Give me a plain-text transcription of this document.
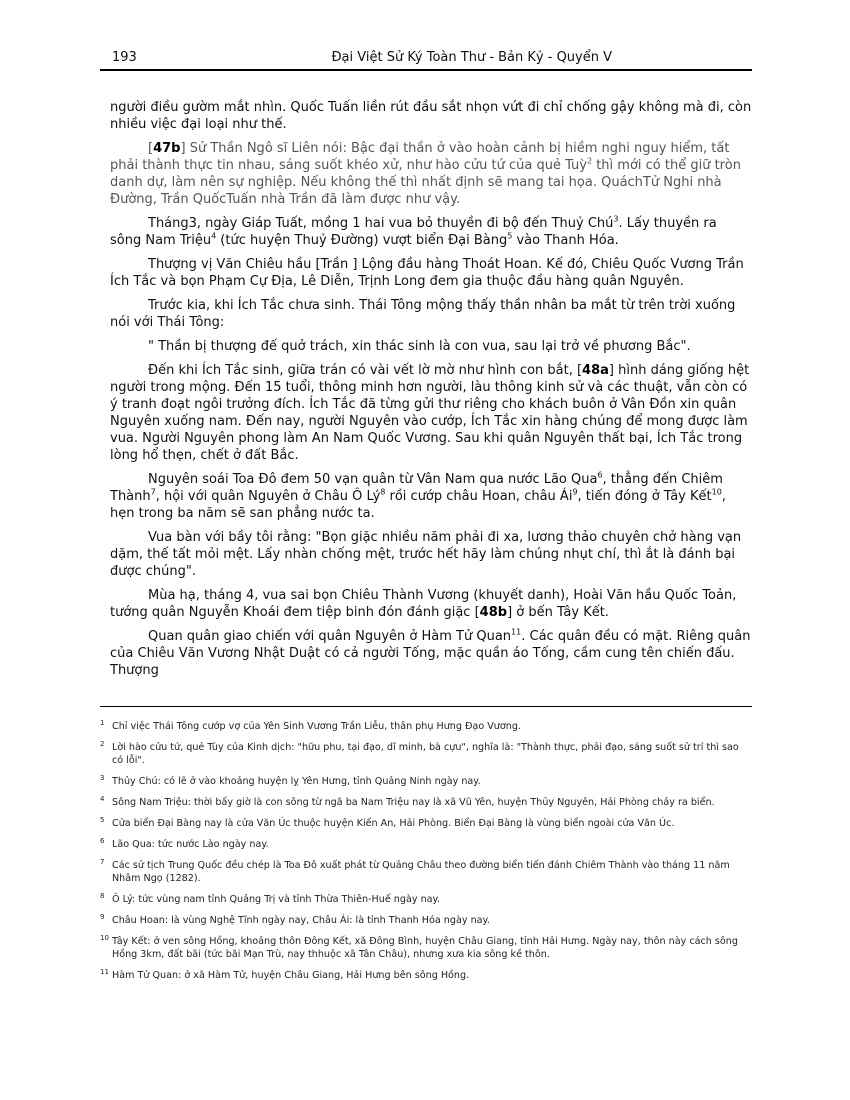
193	Đại Việt Sử Ký Toàn Thư - Bản Kỷ - Quyển V

người điều gườm mắt nhìn. Quốc Tuấn liền rút đầu sắt nhọn vứt đi chỉ chống gậy không mà đi, còn nhiều việc đại loại như thế.

[47b] Sử Thần Ngô sĩ Liên nói: Bậc đại thần ở vào hoàn cảnh bị hiềm nghi nguy hiểm, tất phải thành thực tin nhau, sáng suốt khéo xử, như hào cửu tứ của quẻ Tuỳ$^2$ thì mới có thể giữ tròn danh dự, làm nên sự nghiệp. Nếu không thế thì nhất định sẽ mang tai họa. QuáchTử Nghi nhà Đường, Trần QuốcTuấn nhà Trần đã làm được như vậy.

Tháng3, ngày Giáp Tuất, mồng 1 hai vua bỏ thuyền đi bộ đến Thuỷ Chú$^3$. Lấy thuyền ra sông Nam Triệu$^4$ (tức huyện Thuỷ Đường) vượt biển Đại Bàng$^5$ vào Thanh Hóa.

Thượng vị Văn Chiêu hầu [Trần ] Lộng đầu hàng Thoát Hoan. Kế đó, Chiêu Quốc Vương Trần Ích Tắc và bọn Phạm Cự Địa, Lê Diễn, Trịnh Long đem gia thuộc đầu hàng quân Nguyên.

Trước kia, khi Ích Tắc chưa sinh. Thái Tông mộng thấy thần nhân ba mắt từ trên trời xuống nói với Thái Tông:

" Thần bị thượng đế quở trách, xin thác sinh là con vua, sau lại trở về phương Bắc".

Đến khi Ích Tắc sinh, giữa trán có vài vết lờ mờ như hình con bắt, [48a] hình dáng giống hệt người trong mộng. Đến 15 tuổi, thông minh hơn người, làu thông kinh sử và các thuật, vẫn còn có ý tranh đoạt ngôi trưởng đích. Ích Tắc đã từng gửi thư riêng cho khách buôn ở Vân Đồn xin quân Nguyên xuống nam. Đến nay, người Nguyên vào cướp, Ích Tắc xin hàng chúng để mong được làm vua. Người Nguyên phong làm An Nam Quốc Vương. Sau khi quân Nguyên thất bại, Ích Tắc trong lòng hổ thẹn, chết ở đất Bắc.

Nguyên soái Toa Đô đem 50 vạn quân từ Vân Nam qua nước Lão Qua$^6$, thẳng đến Chiêm Thành$^7$, hội với quân Nguyên ở Châu Ô $Lý^8$ rồi cướp châu Hoan, châu $Ái^9$, tiến đóng ở Tây Kết$^{10}$, hẹn trong ba năm sẽ san phẳng nước ta.

Vua bàn với bầy tôi rằng: "Bọn giặc nhiều năm phải đi xa, lương thảo chuyên chở hàng vạn dặm, thế tất mỏi mệt. Lấy nhàn chống mệt, trước hết hãy làm chúng nhụt chí, thì ắt là đánh bại được chúng".

Mùa hạ, tháng 4, vua sai bọn Chiêu Thành Vương (khuyết danh), Hoài Văn hầu Quốc Toản, tướng quân Nguyễn Khoái đem tiệp binh đón đánh giặc [48b] ở bến Tây Kết.

Quan quân giao chiến với quân Nguyên ở Hàm Tử Quan$^{11}$. Các quân đều có mặt. Riêng quân của Chiêu Văn Vương Nhật Duật có cả người Tống, mặc quần áo Tống, cầm cung tên chiến đấu. Thượng

1 Chỉ việc Thái Tông cướp vợ của Yên Sinh Vương Trần Liễu, thân phụ Hưng Đạo Vương.

2 Lời hào cửu tứ, quẻ Tùy của Kinh dịch: "hữu phu, tại đạo, dĩ minh, bà cựu", nghĩa là: "Thành thực, phải đạo, sáng suốt sử trí thì sao có lỗi".

3 Thủy Chú: có lẽ ở vào khoảng huyện lỵ Yên Hưng, tỉnh Quảng Ninh ngày nay.

4 Sông Nam Triệu: thời bấy giờ là con sông từ ngã ba Nam Triệu nay là xã Vũ Yên, huyện Thủy Nguyên, Hải Phòng chảy ra biển.

5 Cửa biển Đại Bàng nay là cửa Văn Úc thuộc huyện Kiến An, Hải Phòng. Biển Đại Bàng là vùng biển ngoài cửa Văn Úc.

6 Lão Qua: tức nước Lào ngày nay.

7 Các sử tịch Trung Quốc đều chép là Toa Đô xuất phát từ Quảng Châu theo đường biển tiến đánh Chiêm Thành vào tháng 11 năm Nhâm Ngọ (1282).

8 Ô Lý: tức vùng nam tỉnh Quảng Trị và tỉnh Thừa Thiên-Huế ngày nay.

9 Châu Hoan: là vùng Nghệ Tĩnh ngày nay, Châu Ái: là tỉnh Thanh Hóa ngày nay.

10 Tây Kết: ở ven sông Hồng, khoảng thôn Đông Kết, xã Đông Bình, huyện Châu Giang, tỉnh Hải Hưng. Ngày nay, thôn này cách sông Hồng 3km, đất bãi (tức bãi Mạn Trù, nay thhuộc xã Tân Châu), nhưng xưa kia sông kề thôn.

11 Hàm Tử Quan: ở xã Hàm Tử, huyện Châu Giang, Hải Hưng bên sông Hồng.
